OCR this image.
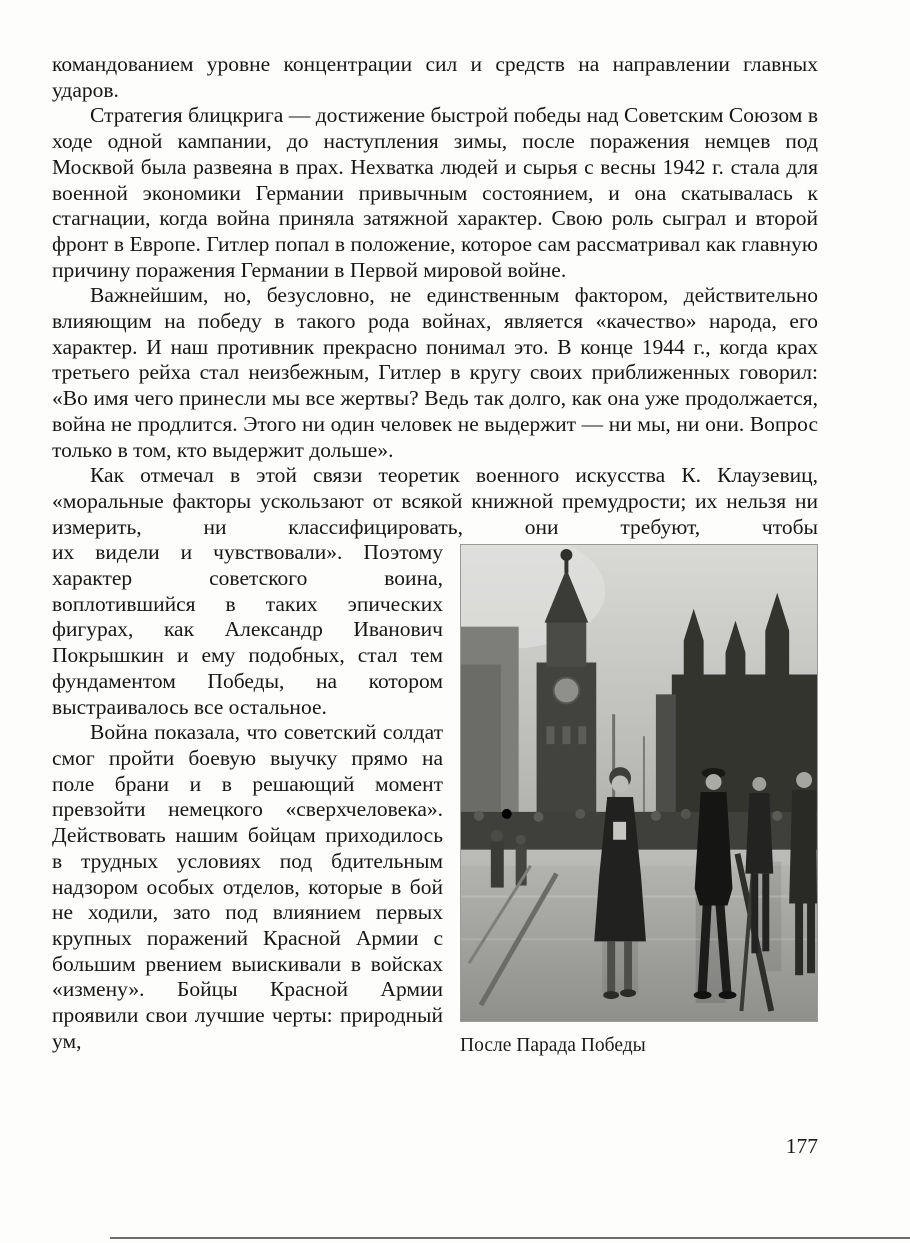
командованием уровне концентрации сил и средств на направлении главных ударов.

Стратегия блицкрига — достижение быстрой победы над Советским Союзом в ходе одной кампании, до наступления зимы, после поражения немцев под Москвой была развеяна в прах. Нехватка людей и сырья с весны 1942 г. стала для военной экономики Германии привычным состоянием, и она скатывалась к стагнации, когда война приняла затяжной характер. Свою роль сыграл и второй фронт в Европе. Гитлер попал в положение, которое сам рассматривал как главную причину поражения Германии в Первой мировой войне.

Важнейшим, но, безусловно, не единственным фактором, действительно влияющим на победу в такого рода войнах, является «качество» народа, его характер. И наш противник прекрасно понимал это. В конце 1944 г., когда крах третьего рейха стал неизбежным, Гитлер в кругу своих приближенных говорил: «Во имя чего принесли мы все жертвы? Ведь так долго, как она уже продолжается, война не продлится. Этого ни один человек не выдержит — ни мы, ни они. Вопрос только в том, кто выдержит дольше».

Как отмечал в этой связи теоретик военного искусства К. Клаузевиц, «моральные факторы ускользают от всякой книжной премудрости; их нельзя ни измерить, ни классифицировать, они требуют, чтобы

После Парада Победы

их видели и чувствовали». Поэтому характер советского воина, воплотившийся в таких эпических фигурах, как Александр Иванович Покрышкин и ему подобных, стал тем фундаментом Победы, на котором выстраивалось все остальное.

Война показала, что советский солдат смог пройти боевую выучку прямо на поле брани и в решающий момент превзойти немецкого «сверхчеловека». Действовать нашим бойцам приходилось в трудных условиях под бдительным надзором особых отделов, которые в бой не ходили, зато под влиянием первых крупных поражений Красной Армии с большим рвением выискивали в войсках «измену». Бойцы Красной Армии проявили свои лучшие черты: природный ум,

177
